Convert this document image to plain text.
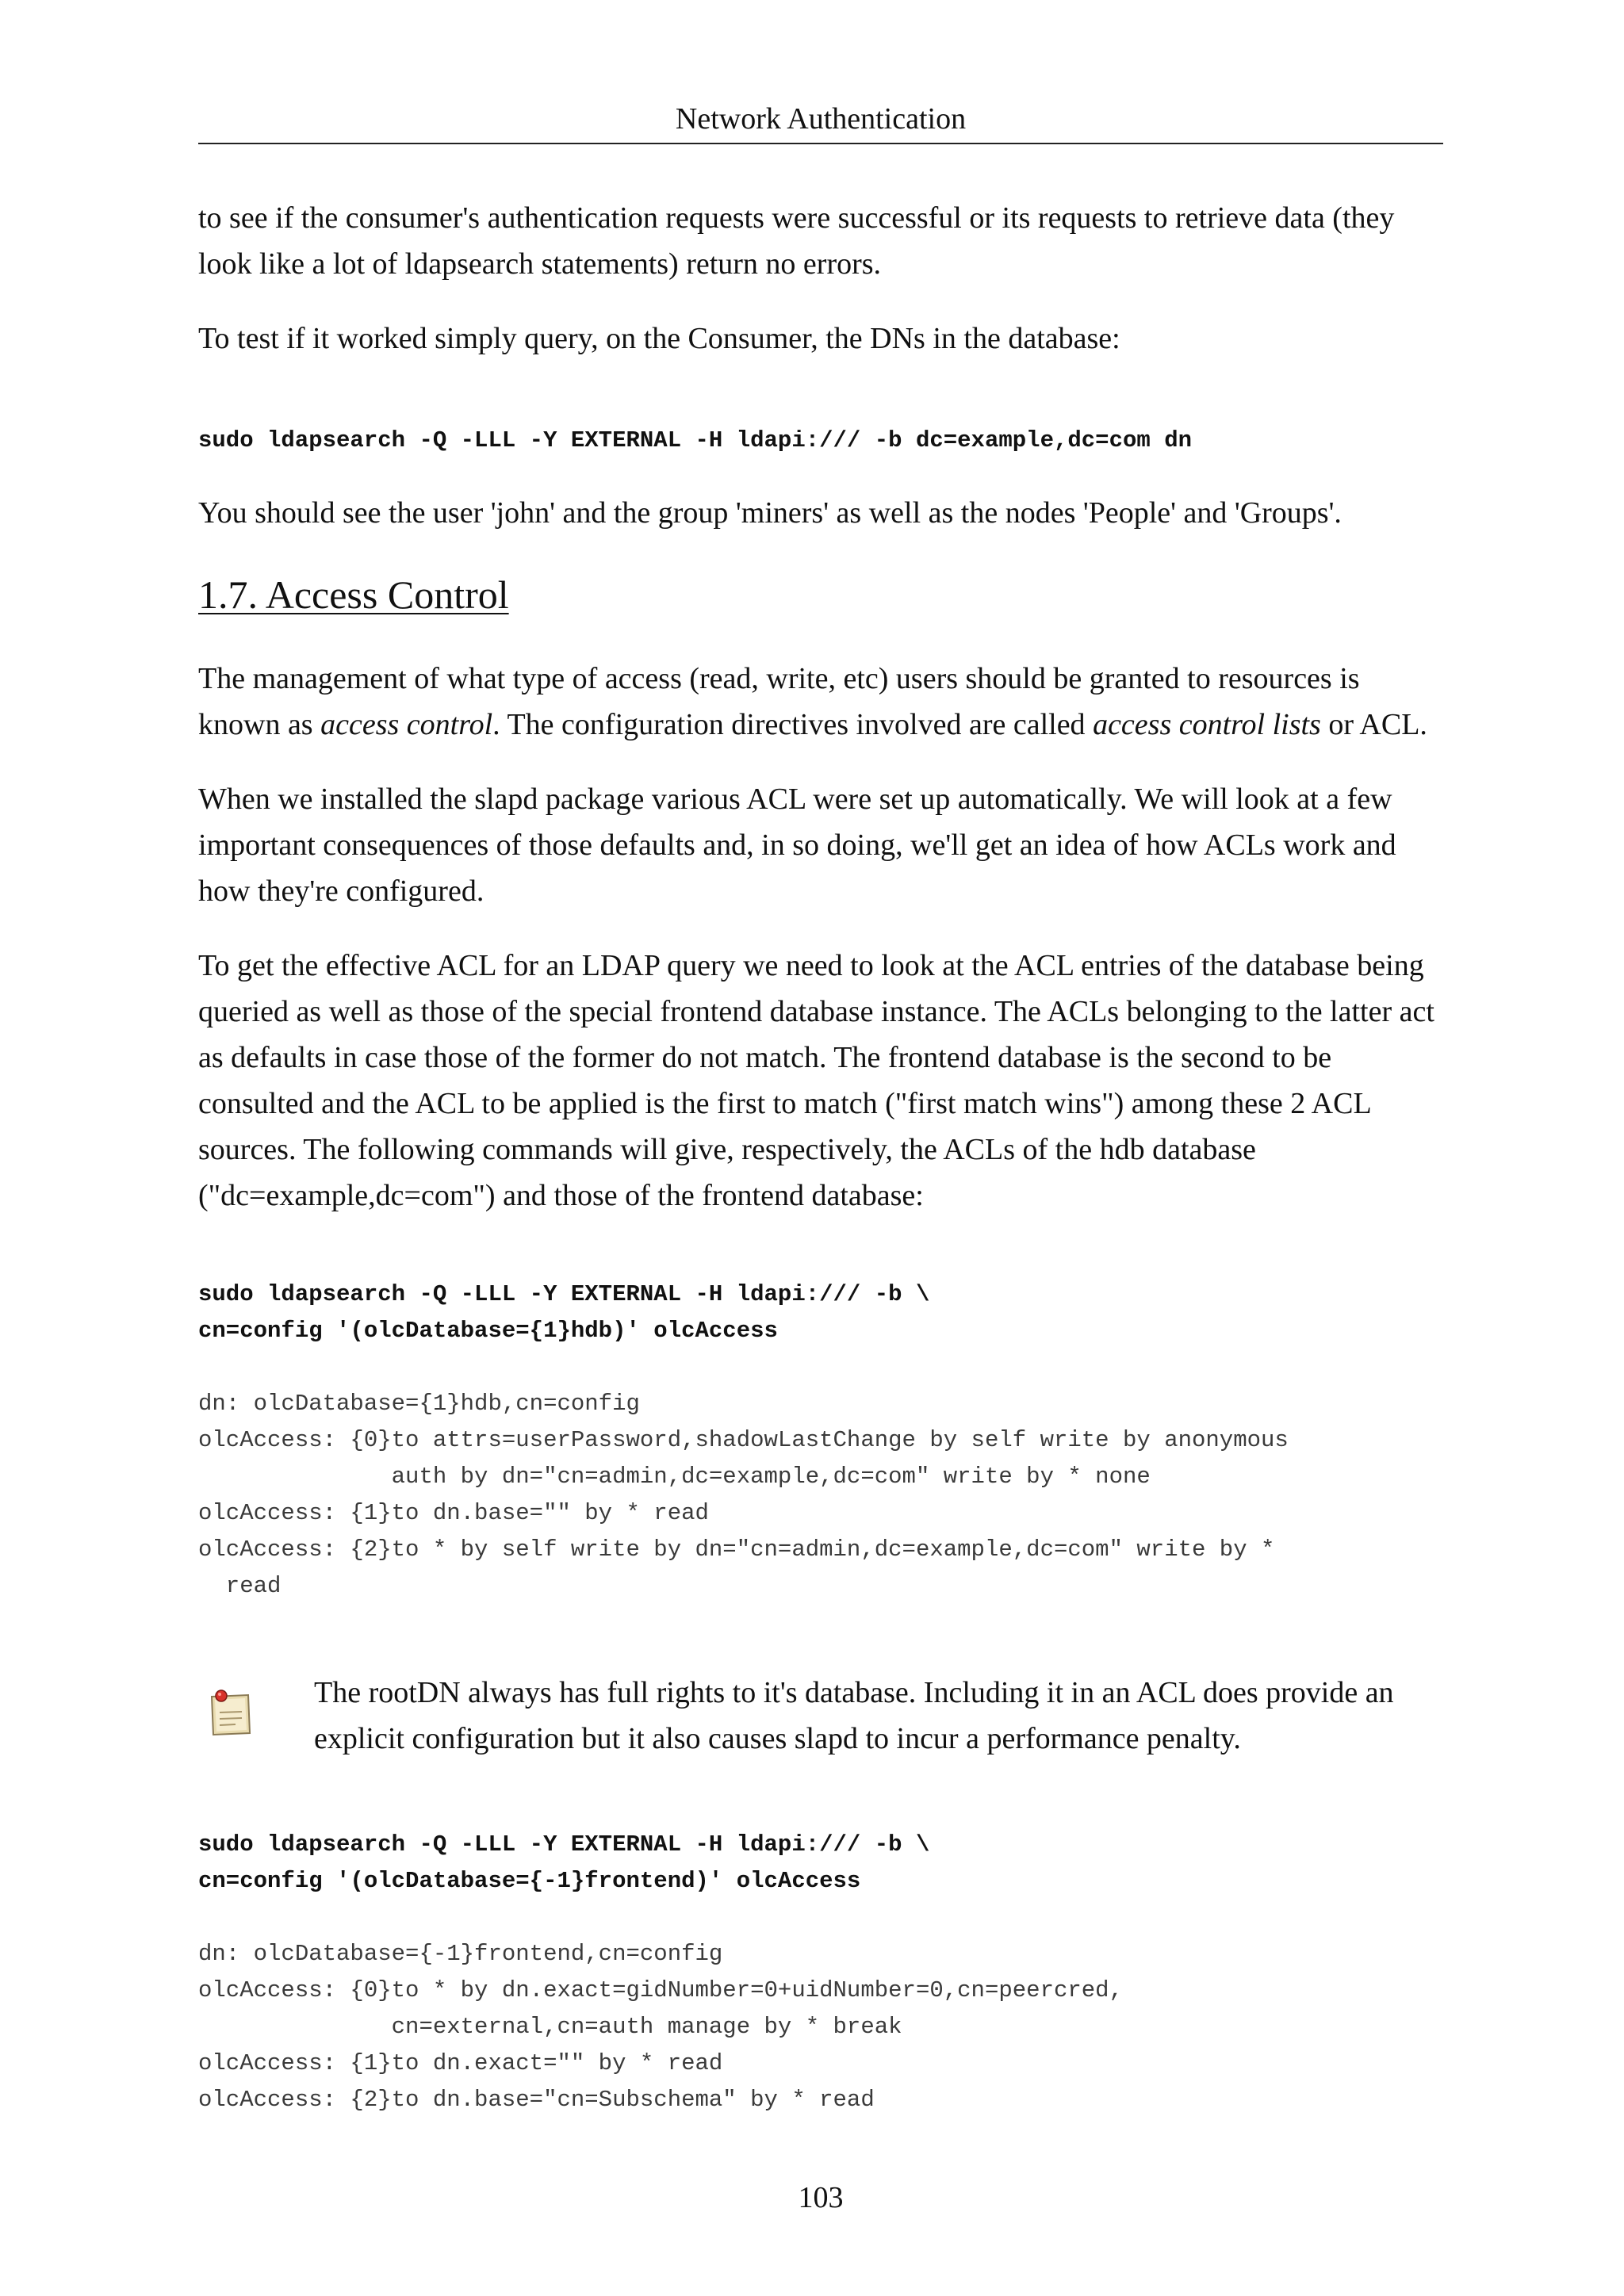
Network Authentication

to see if the consumer's authentication requests were successful or its requests to retrieve data (they look like a lot of ldapsearch statements) return no errors.

To test if it worked simply query, on the Consumer, the DNs in the database:

sudo ldapsearch -Q -LLL -Y EXTERNAL -H ldapi:/// -b dc=example,dc=com dn

You should see the user 'john' and the group 'miners' as well as the nodes 'People' and 'Groups'.

1.7. Access Control

The management of what type of access (read, write, etc) users should be granted to resources is known as access control. The configuration directives involved are called access control lists or ACL.

When we installed the slapd package various ACL were set up automatically. We will look at a few important consequences of those defaults and, in so doing, we'll get an idea of how ACLs work and how they're configured.

To get the effective ACL for an LDAP query we need to look at the ACL entries of the database being queried as well as those of the special frontend database instance. The ACLs belonging to the latter act as defaults in case those of the former do not match. The frontend database is the second to be consulted and the ACL to be applied is the first to match ("first match wins") among these 2 ACL sources. The following commands will give, respectively, the ACLs of the hdb database ("dc=example,dc=com") and those of the frontend database:

sudo ldapsearch -Q -LLL -Y EXTERNAL -H ldapi:/// -b \
cn=config '(olcDatabase={1}hdb)' olcAccess
dn: olcDatabase={1}hdb,cn=config
olcAccess: {0}to attrs=userPassword,shadowLastChange by self write by anonymous
auth by dn="cn=admin,dc=example,dc=com" write by * none
olcAccess: {1}to dn.base="" by * read
olcAccess: {2}to * by self write by dn="cn=admin,dc=example,dc=com" write by *
read

The rootDN always has full rights to it's database. Including it in an ACL does provide an explicit configuration but it also causes slapd to incur a performance penalty.

sudo ldapsearch -Q -LLL -Y EXTERNAL -H ldapi:/// -b \
cn=config '(olcDatabase={-1}frontend)' olcAccess
dn: olcDatabase={-1}frontend,cn=config
olcAccess: {0}to * by dn.exact=gidNumber=0+uidNumber=0,cn=peercred,
cn=external,cn=auth manage by * break
olcAccess: {1}to dn.exact="" by * read
olcAccess: {2}to dn.base="cn=Subschema" by * read
103
